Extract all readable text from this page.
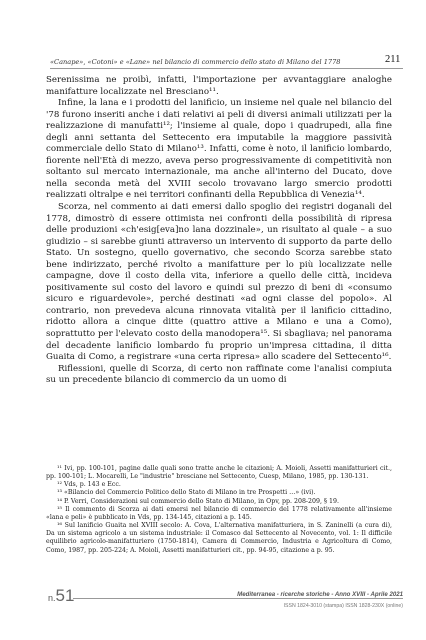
«Canape», «Cotoni» e «Lane» nel bilancio di commercio dello stato di Milano del 1778	211

Serenissima ne proibì, infatti, l'importazione per avvantaggiare analoghe manifatture localizzate nel Bresciano¹¹.

Infine, la lana e i prodotti del lanificio, un insieme nel quale nel bilancio del '78 furono inseriti anche i dati relativi ai peli di diversi animali utilizzati per la realizzazione di manufatti¹²; l'insieme al quale, dopo i quadrupedi, alla fine degli anni settanta del Settecento era imputabile la maggiore passività commerciale dello Stato di Milano¹³. Infatti, come è noto, il lanificio lombardo, fiorente nell'Età di mezzo, aveva perso progressivamente di competitività non soltanto sul mercato internazionale, ma anche all'interno del Ducato, dove nella seconda metà del XVIII secolo trovavano largo smercio prodotti realizzati oltralpe e nei territori confinanti della Repubblica di Venezia¹⁴.

Scorza, nel commento ai dati emersi dallo spoglio dei registri doganali del 1778, dimostrò di essere ottimista nei confronti della possibilità di ripresa delle produzioni «ch'esig[eva]no lana dozzinale», un risultato al quale – a suo giudizio – si sarebbe giunti attraverso un intervento di supporto da parte dello Stato. Un sostegno, quello governativo, che secondo Scorza sarebbe stato bene indirizzato, perché rivolto a manifatture per lo più localizzate nelle campagne, dove il costo della vita, inferiore a quello delle città, incideva positivamente sul costo del lavoro e quindi sul prezzo di beni di «consumo sicuro e riguardevole», perché destinati «ad ogni classe del popolo». Al contrario, non prevedeva alcuna rinnovata vitalità per il lanificio cittadino, ridotto allora a cinque ditte (quattro attive a Milano e una a Como), soprattutto per l'elevato costo della manodopera¹⁵. Si sbagliava; nel panorama del decadente lanificio lombardo fu proprio un'impresa cittadina, il ditta Guaita di Como, a registrare «una certa ripresa» allo scadere del Settecento¹⁶.

Riflessioni, quelle di Scorza, di certo non raffinate come l'analisi compiuta su un precedente bilancio di commercio da un uomo di

¹¹ Ivi, pp. 100-101, pagine dalle quali sono tratte anche le citazioni; A. Moioli, Assetti manifatturieri cit., pp. 100-101; L. Mocarelli, Le "industrie" bresciane nel Settecento, Cuesp, Milano, 1985, pp. 130-131.

¹² Vds, p. 143 e Ecc.

¹³ «Bilancio del Commercio Politico dello Stato di Milano in tre Prospetti …» (ivi).

¹⁴ P. Verri, Considerazioni sul commercio dello Stato di Milano, in Opv, pp. 208-209, § 19.

¹⁵ Il commento di Scorza ai dati emersi nel bilancio di commercio del 1778 relativamente all'insieme «lana e peli» è pubblicato in Vds, pp. 134-145, citazioni a p. 145.

¹⁶ Sul lanificio Guaita nel XVIII secolo: A. Cova, L'alternativa manifatturiera, in S. Zaninelli (a cura di), Da un sistema agricolo a un sistema industriale: il Comasco dal Settecento al Novecento, vol. 1: Il difficile equilibrio agricolo-manifatturiero (1750-1814), Camera di Commercio, Industria e Agricoltura di Como, Como, 1987, pp. 205-224; A. Moioli, Assetti manifatturieri cit., pp. 94-95, citazione a p. 95.

n.51	Mediterranea - ricerche storiche - Anno XVIII - Aprile 2021
ISSN 1824-3010 (stampa) ISSN 1828-230X (online)
